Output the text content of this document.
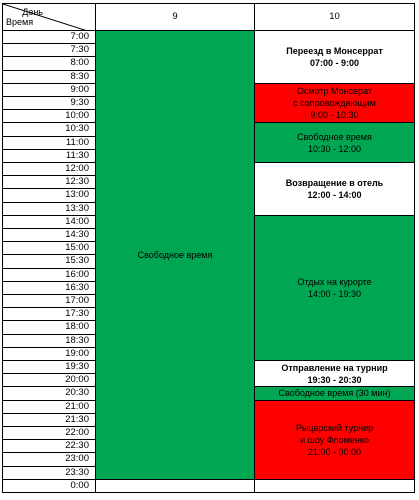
День
Время	9	10
7:00
7:30
8:00
8:30
9:00
9:30
10:00
10:30
11:00
11:30
12:00
12:30
13:00
13:30
14:00
14:30
15:00
15:30
16:00
16:30
17:00
17:30
18:00
18:30
19:00
19:30
20:00
20:30
21:00
21:30
22:00
22:30
23:00
23:30
0:00
Свободное время
Переезд в Монсеррат
07:00 - 9:00
Осмотр Монсерат
с сопровождающим
9:00 - 10:30
Свободное время
10:30 - 12:00
Возвращение в отель
12:00 - 14:00
Отдых на курорте
14:00 - 19:30
Отправление на турнир
19:30 - 20:30
Свободное время (30 мин)
Рыцарский турнир
и шоу Фломенко
21:00 - 00:00
